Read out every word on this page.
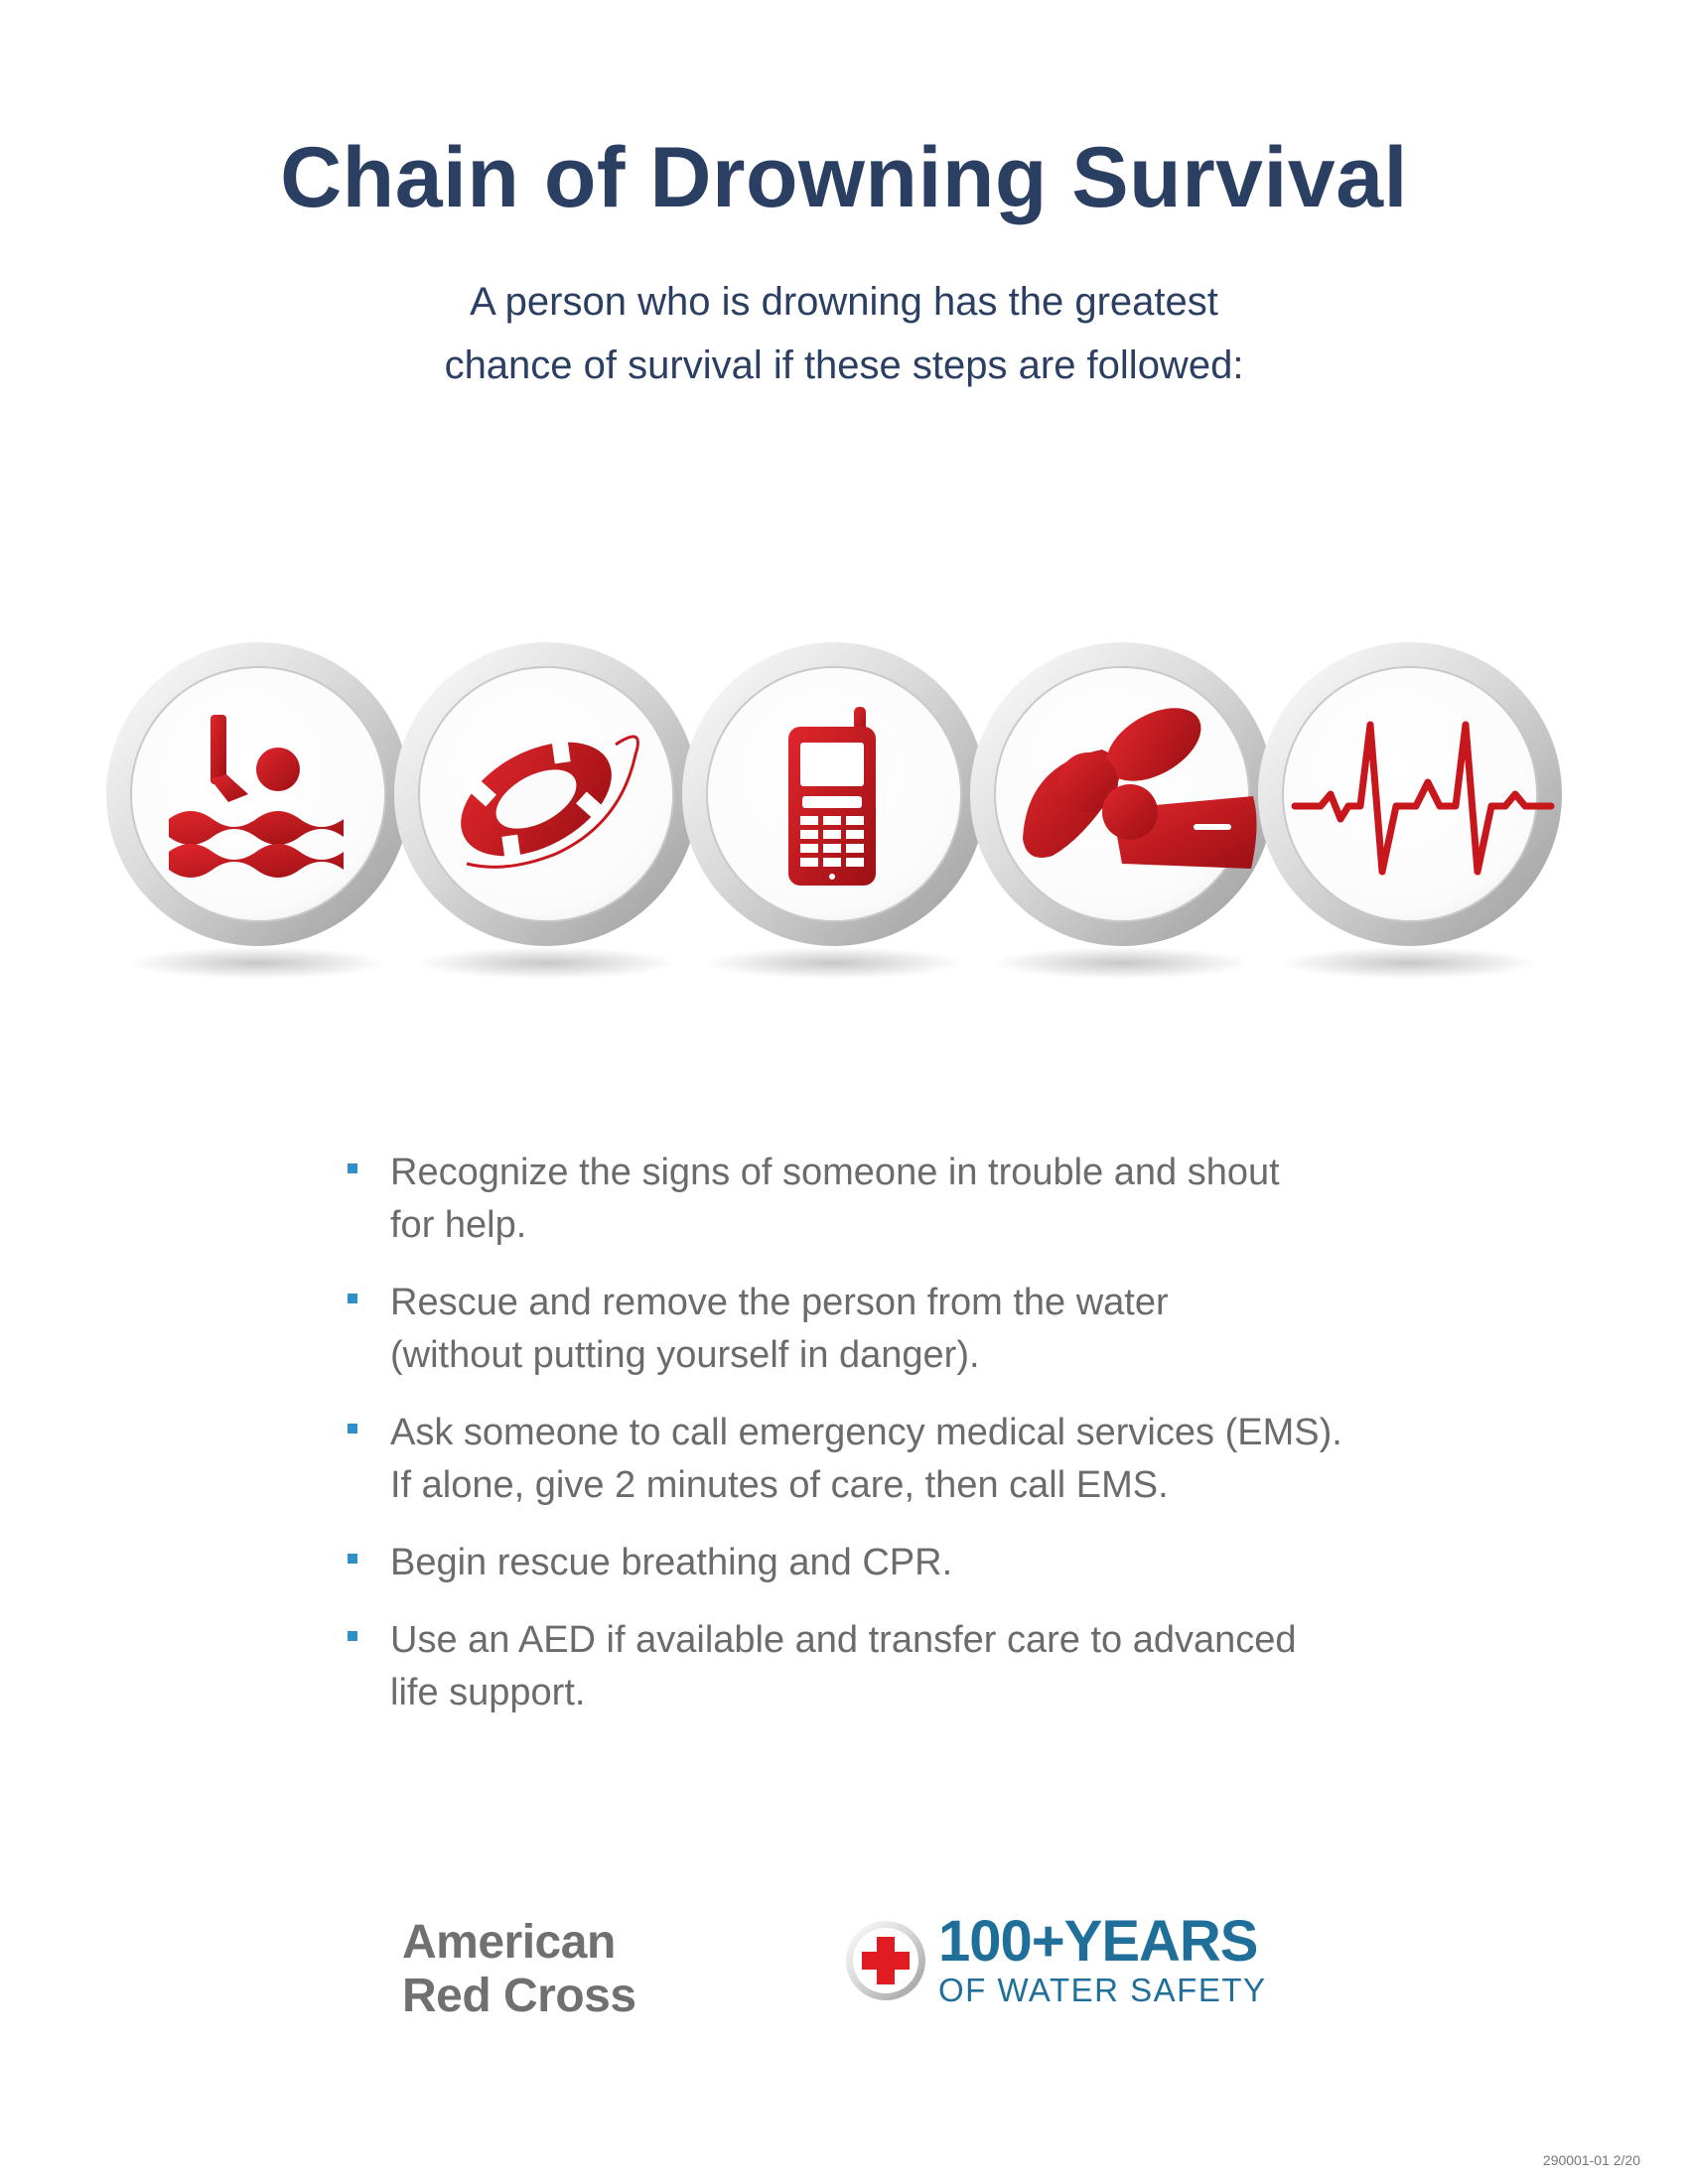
Chain of Drowning Survival
A person who is drowning has the greatest
chance of survival if these steps are followed:
Recognize the signs of someone in trouble and shout
for help.
Rescue and remove the person from the water
(without putting yourself in danger).
Ask someone to call emergency medical services (EMS).
If alone, give 2 minutes of care, then call EMS.
Begin rescue breathing and CPR.
Use an AED if available and transfer care to advanced
life support.
American
Red Cross
100+YEARS
OF WATER SAFETY
290001-01 2/20
